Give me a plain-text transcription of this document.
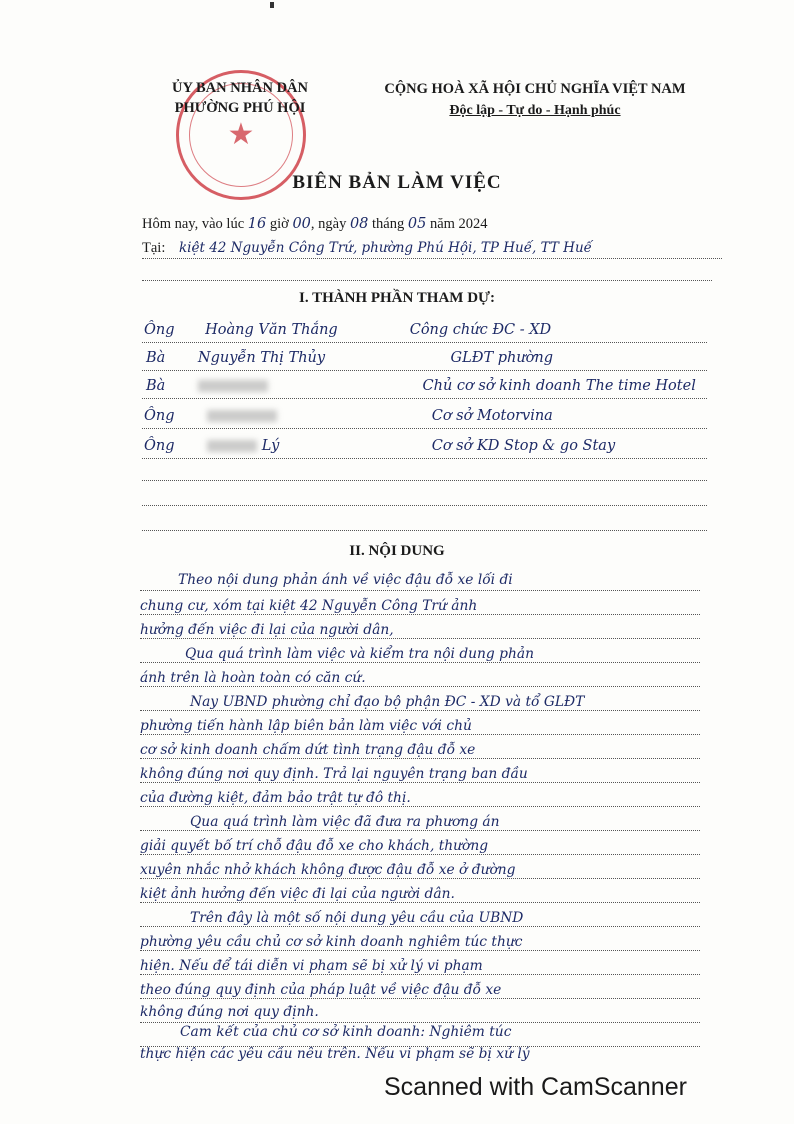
★
ỦY BAN NHÂN DÂN
PHƯỜNG PHÚ HỘI
CỘNG HOÀ XÃ HỘI CHỦ NGHĨA VIỆT NAM
Độc lập - Tự do - Hạnh phúc
BIÊN BẢN LÀM VIỆC
Hôm nay, vào lúc 16 giờ 00, ngày 08 tháng 05 năm 2024
Tại: kiệt 42 Nguyễn Công Trứ, phường Phú Hội, TP Huế, TT Huế
I. THÀNH PHẦN THAM DỰ:
Ông Hoàng Văn Thắng	Công chức ĐC - XD
Bà Nguyễn Thị Thủy	GLĐT phường
Bà	Chủ cơ sở kinh doanh The time Hotel
Ông	Cơ sở Motorvina
Ông	Lý	Cơ sở KD Stop & go Stay
II. NỘI DUNG
Theo nội dung phản ánh về việc đậu đỗ xe lối đi
chung cư, xóm tại kiệt 42 Nguyễn Công Trứ ảnh
hưởng đến việc đi lại của người dân,
Qua quá trình làm việc và kiểm tra nội dung phản
ánh trên là hoàn toàn có căn cứ.
Nay UBND phường chỉ đạo bộ phận ĐC - XD và tổ GLĐT
phường tiến hành lập biên bản làm việc với chủ
cơ sở kinh doanh chấm dứt tình trạng đậu đỗ xe
không đúng nơi quy định. Trả lại nguyên trạng ban đầu
của đường kiệt, đảm bảo trật tự đô thị.
Qua quá trình làm việc đã đưa ra phương án
giải quyết bố trí chỗ đậu đỗ xe cho khách, thường
xuyên nhắc nhở khách không được đậu đỗ xe ở đường
kiệt ảnh hưởng đến việc đi lại của người dân.
Trên đây là một số nội dung yêu cầu của UBND
phường yêu cầu chủ cơ sở kinh doanh nghiêm túc thực
hiện. Nếu để tái diễn vi phạm sẽ bị xử lý vi phạm
theo đúng quy định của pháp luật về việc đậu đỗ xe
không đúng nơi quy định.
Cam kết của chủ cơ sở kinh doanh: Nghiêm túc
thực hiện các yêu cầu nêu trên. Nếu vi phạm sẽ bị xử lý
Scanned with CamScanner
